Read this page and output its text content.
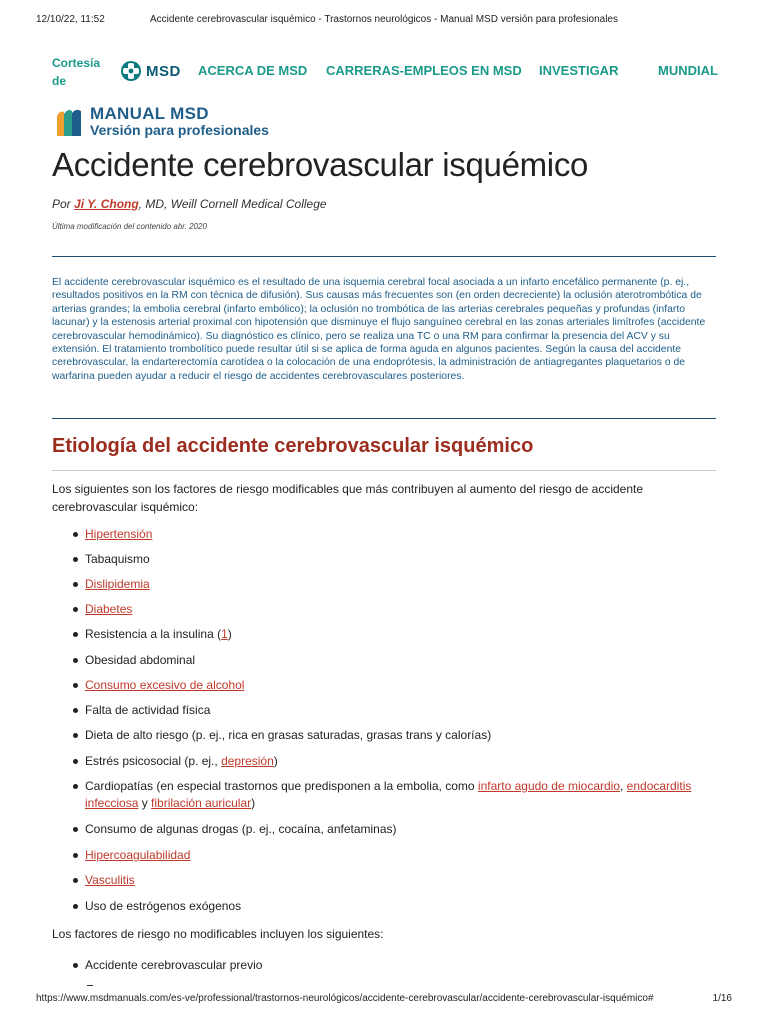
12/10/22, 11:52	Accidente cerebrovascular isquémico - Trastornos neurológicos - Manual MSD versión para profesionales
Cortesía de
MSD ACERCA DE MSD CARRERAS-EMPLEOS EN MSD INVESTIGAR	MUNDIAL
MANUAL MSD
Versión para profesionales
Accidente cerebrovascular isquémico
Por Ji Y. Chong, MD, Weill Cornell Medical College
Última modificación del contenido abr. 2020

El accidente cerebrovascular isquémico es el resultado de una isquemia cerebral focal asociada a un infarto encefálico permanente (p. ej., resultados positivos en la RM con técnica de difusión). Sus causas más frecuentes son (en orden decreciente) la oclusión aterotrombótica de arterias grandes; la embolia cerebral (infarto embólico); la oclusión no trombótica de las arterias cerebrales pequeñas y profundas (infarto lacunar) y la estenosis arterial proximal con hipotensión que disminuye el flujo sanguíneo cerebral en las zonas arteriales limítrofes (accidente cerebrovascular hemodinámico). Su diagnóstico es clínico, pero se realiza una TC o una RM para confirmar la presencia del ACV y su extensión. El tratamiento trombolítico puede resultar útil si se aplica de forma aguda en algunos pacientes. Según la causa del accidente cerebrovascular, la endarterectomía carotídea o la colocación de una endoprótesis, la administración de antiagregantes plaquetarios o de warfarina pueden ayudar a reducir el riesgo de accidentes cerebrovasculares posteriores.

Etiología del accidente cerebrovascular isquémico

Los siguientes son los factores de riesgo modificables que más contribuyen al aumento del riesgo de accidente cerebrovascular isquémico:

Hipertensión
Tabaquismo
Dislipidemia
Diabetes
Resistencia a la insulina (1)
Obesidad abdominal
Consumo excesivo de alcohol
Falta de actividad física
Dieta de alto riesgo (p. ej., rica en grasas saturadas, grasas trans y calorías)
Estrés psicosocial (p. ej., depresión)
Cardiopatías (en especial trastornos que predisponen a la embolia, como infarto agudo de miocardio, endocarditis infecciosa y fibrilación auricular)
Consumo de algunas drogas (p. ej., cocaína, anfetaminas)
Hipercoagulabilidad
Vasculitis
Uso de estrógenos exógenos

Los factores de riesgo no modificables incluyen los siguientes:

Accidente cerebrovascular previo
https://www.msdmanuals.com/es-ve/professional/trastornos-neurológicos/accidente-cerebrovascular/accidente-cerebrovascular-isquémico#	1/16
